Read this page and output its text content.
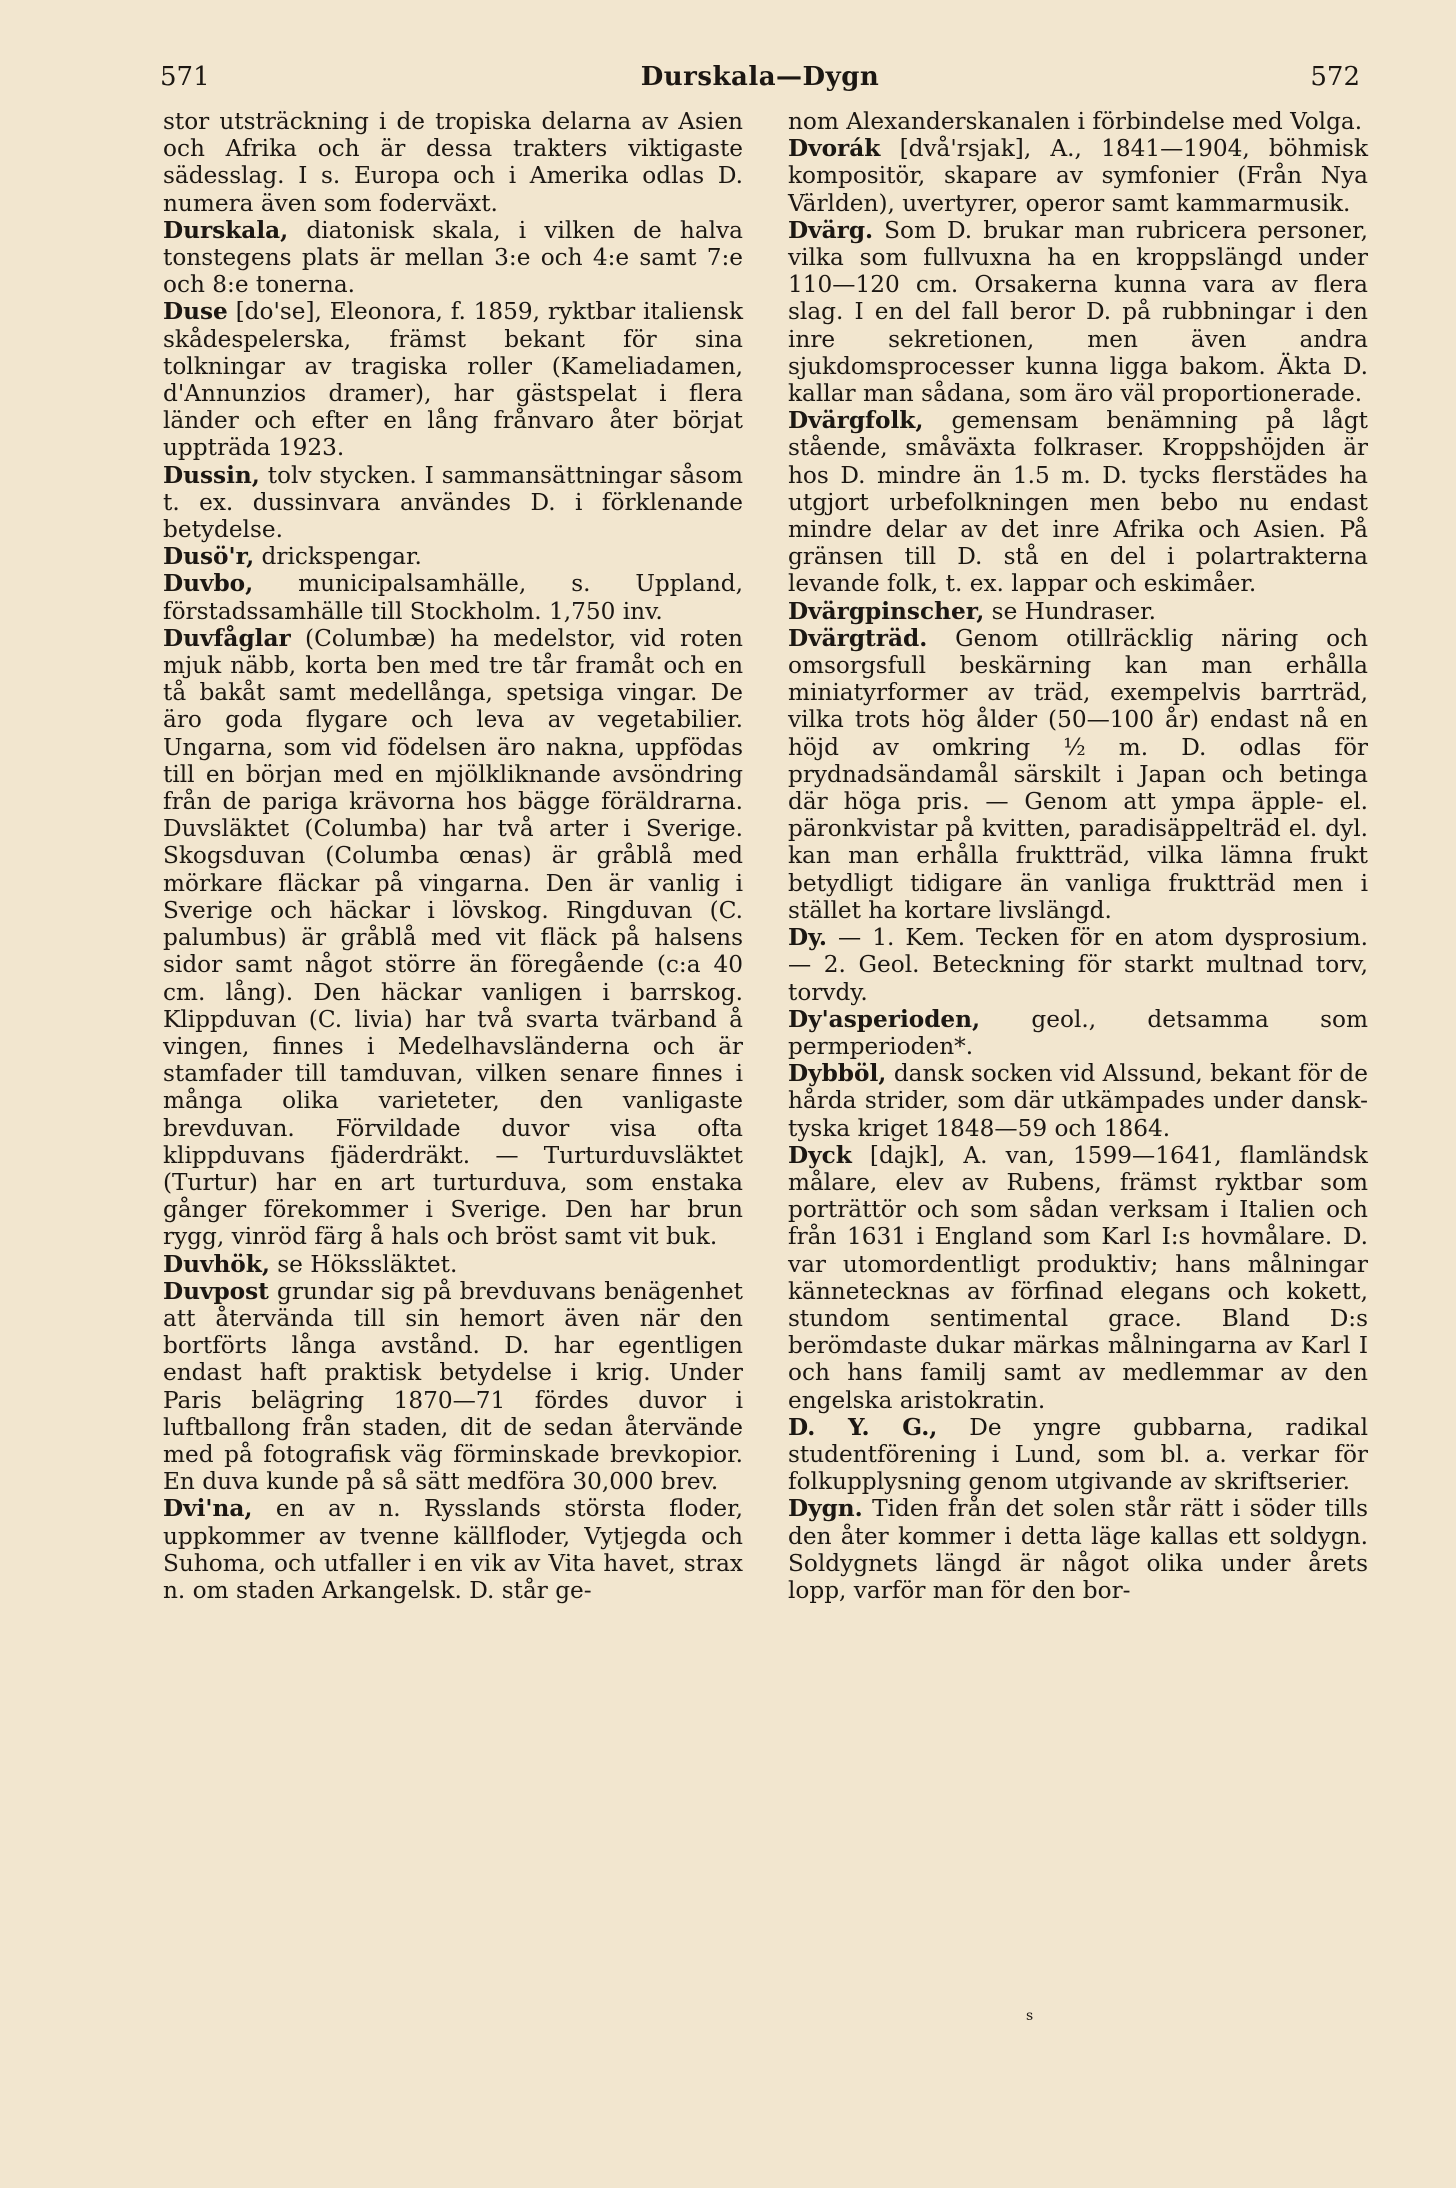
571	Durskala—Dygn	572

stor utsträckning i de tropiska delarna av Asien och Afrika och är dessa trakters viktigaste sädesslag. I s. Europa och i Amerika odlas D. numera även som foderväxt.

Durskala, diatonisk skala, i vilken de halva tonstegens plats är mellan 3:e och 4:e samt 7:e och 8:e tonerna.

Duse [do'se], Eleonora, f. 1859, ryktbar italiensk skådespelerska, främst bekant för sina tolkningar av tragiska roller (Kameliadamen, d'Annunzios dramer), har gästspelat i flera länder och efter en lång frånvaro åter börjat uppträda 1923.

Dussin, tolv stycken. I sammansättningar såsom t. ex. dussinvara användes D. i förklenande betydelse.

Dusö'r, drickspengar.

Duvbo, municipalsamhälle, s. Uppland, förstadssamhälle till Stockholm. 1,750 inv.

Duvfåglar (Columbæ) ha medelstor, vid roten mjuk näbb, korta ben med tre tår framåt och en tå bakåt samt medellånga, spetsiga vingar. De äro goda flygare och leva av vegetabilier. Ungarna, som vid födelsen äro nakna, uppfödas till en början med en mjölkliknande avsöndring från de pariga krävorna hos bägge föräldrarna. Duvsläktet (Columba) har två arter i Sverige. Skogsduvan (Columba œnas) är gråblå med mörkare fläckar på vingarna. Den är vanlig i Sverige och häckar i lövskog. Ringduvan (C. palumbus) är gråblå med vit fläck på halsens sidor samt något större än föregående (c:a 40 cm. lång). Den häckar vanligen i barrskog. Klippduvan (C. livia) har två svarta tvärband å vingen, finnes i Medelhavsländerna och är stamfader till tamduvan, vilken senare finnes i många olika varieteter, den vanligaste brevduvan. Förvildade duvor visa ofta klippduvans fjäderdräkt. — Turturduvsläktet (Turtur) har en art turturduva, som enstaka gånger förekommer i Sverige. Den har brun rygg, vinröd färg å hals och bröst samt vit buk.

Duvhök, se Hökssläktet.

Duvpost grundar sig på brevduvans benägenhet att återvända till sin hemort även när den bortförts långa avstånd. D. har egentligen endast haft praktisk betydelse i krig. Under Paris belägring 1870—71 fördes duvor i luftballong från staden, dit de sedan återvände med på fotografisk väg förminskade brevkopior. En duva kunde på så sätt medföra 30,000 brev.

Dvi'na, en av n. Rysslands största floder, uppkommer av tvenne källfloder, Vytjegda och Suhoma, och utfaller i en vik av Vita havet, strax n. om staden Arkangelsk. D. står ge-

nom Alexanderskanalen i förbindelse med Volga.

Dvorák [dvå'rsjak], A., 1841—1904, böhmisk kompositör, skapare av symfonier (Från Nya Världen), uvertyrer, operor samt kammarmusik.

Dvärg. Som D. brukar man rubricera personer, vilka som fullvuxna ha en kroppslängd under 110—120 cm. Orsakerna kunna vara av flera slag. I en del fall beror D. på rubbningar i den inre sekretionen, men även andra sjukdomsprocesser kunna ligga bakom. Äkta D. kallar man sådana, som äro väl proportionerade.

Dvärgfolk, gemensam benämning på lågt stående, småväxta folkraser. Kroppshöjden är hos D. mindre än 1.5 m. D. tycks flerstädes ha utgjort urbefolkningen men bebo nu endast mindre delar av det inre Afrika och Asien. På gränsen till D. stå en del i polartrakterna levande folk, t. ex. lappar och eskimåer.

Dvärgpinscher, se Hundraser.

Dvärgträd. Genom otillräcklig näring och omsorgsfull beskärning kan man erhålla miniatyrformer av träd, exempelvis barrträd, vilka trots hög ålder (50—100 år) endast nå en höjd av omkring ½ m. D. odlas för prydnadsändamål särskilt i Japan och betinga där höga pris. — Genom att ympa äpple- el. päronkvistar på kvitten, paradisäppelträd el. dyl. kan man erhålla fruktträd, vilka lämna frukt betydligt tidigare än vanliga fruktträd men i stället ha kortare livslängd.

Dy. — 1. Kem. Tecken för en atom dysprosium. — 2. Geol. Beteckning för starkt multnad torv, torvdy.

Dy'asperioden, geol., detsamma som permperioden*.

Dybböl, dansk socken vid Alssund, bekant för de hårda strider, som där utkämpades under dansk-tyska kriget 1848—59 och 1864.

Dyck [dajk], A. van, 1599—1641, flamländsk målare, elev av Rubens, främst ryktbar som porträttör och som sådan verksam i Italien och från 1631 i England som Karl I:s hovmålare. D. var utomordentligt produktiv; hans målningar kännetecknas av förfinad elegans och kokett, stundom sentimental grace. Bland D:s berömdaste dukar märkas målningarna av Karl I och hans familj samt av medlemmar av den engelska aristokratin.

D. Y. G., De yngre gubbarna, radikal studentförening i Lund, som bl. a. verkar för folkupplysning genom utgivande av skriftserier.

Dygn. Tiden från det solen står rätt i söder tills den åter kommer i detta läge kallas ett soldygn. Soldygnets längd är något olika under årets lopp, varför man för den bor-

s
